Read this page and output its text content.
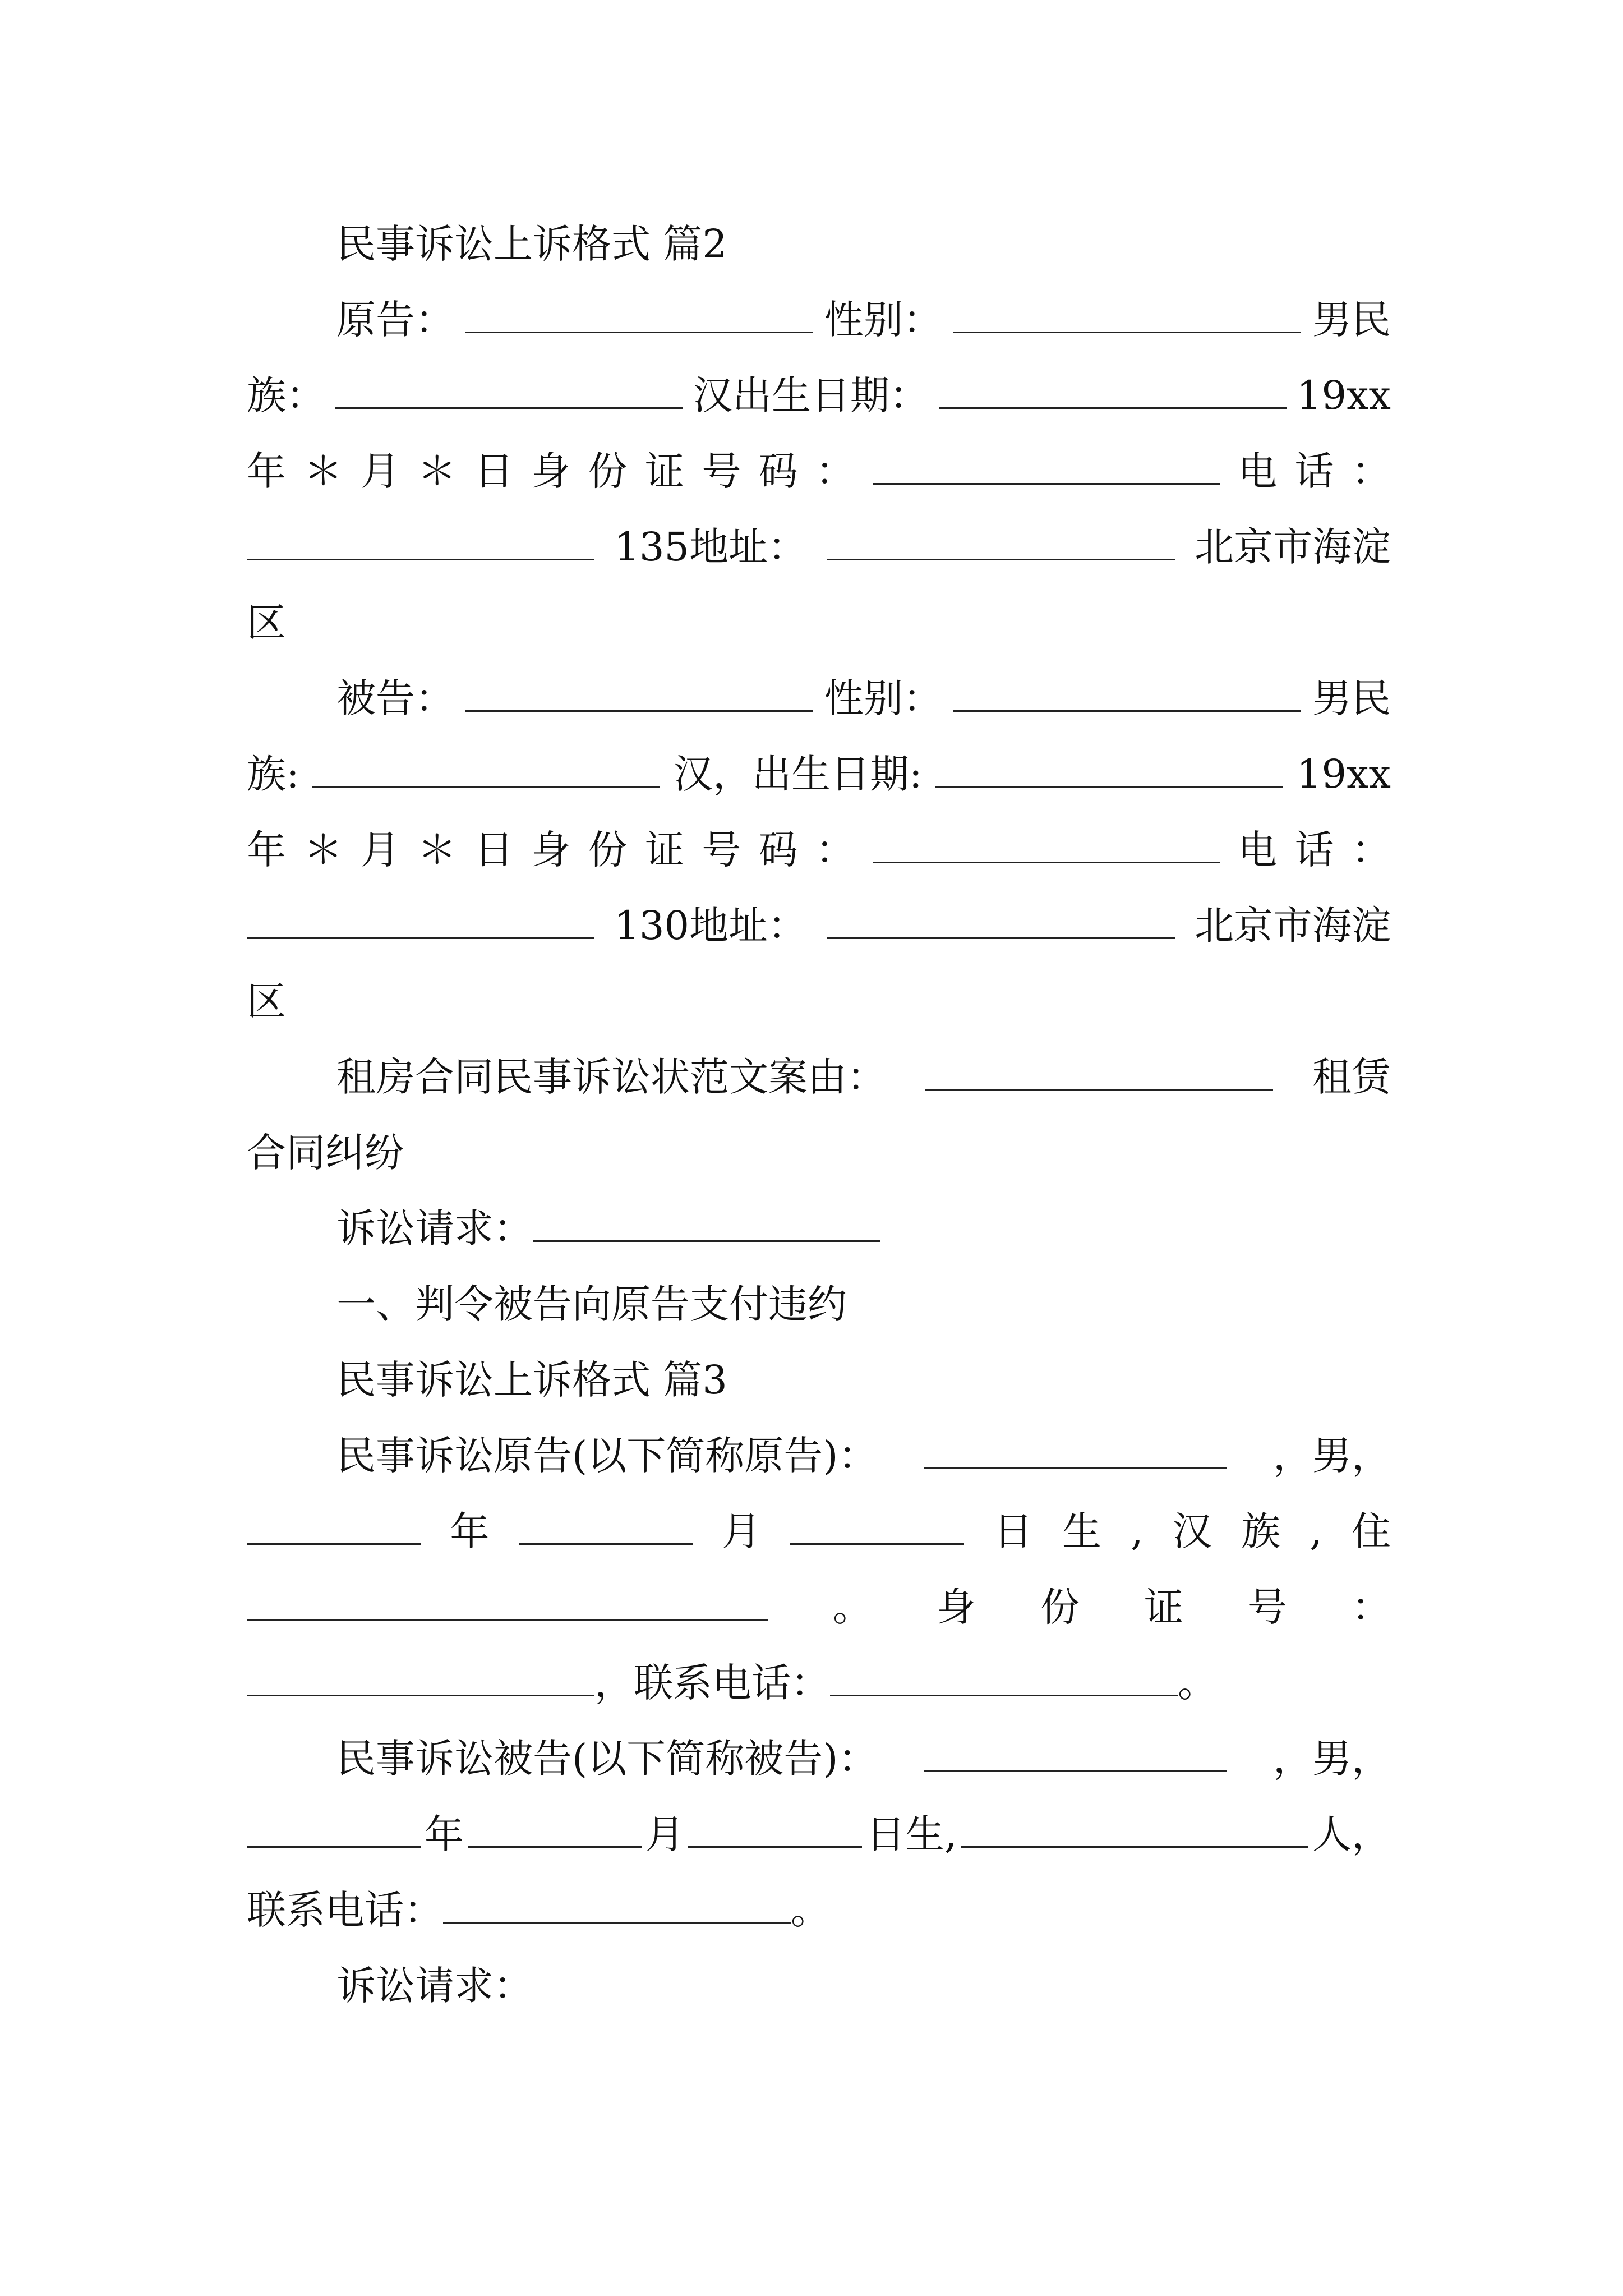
民事诉讼上诉格式 篇2
原告：	性别：	男民
族：	汉出生日期：	19xx
年 ＊ 月 ＊ 日 身 份 证 号 码 ：	电 话 ：
135地址：	北京市海淀
区
被告：	性别：	男民
族:	汉，出生日期:	19xx
年 ＊ 月 ＊ 日 身 份 证 号 码 ：	电 话 ：
130地址：	北京市海淀
区
租房合同民事诉讼状范文案由：	租赁
合同纠纷
诉讼请求：
一、判令被告向原告支付违约
民事诉讼上诉格式 篇3
民事诉讼原告(以下简称原告)：	，男，
年	月	日 生 , 汉 族 , 住
。 身 份 证 号 ：
，联系电话：	。
民事诉讼被告(以下简称被告)：	，男，
年	月	日生,	人，
联系电话：	。
诉讼请求：
